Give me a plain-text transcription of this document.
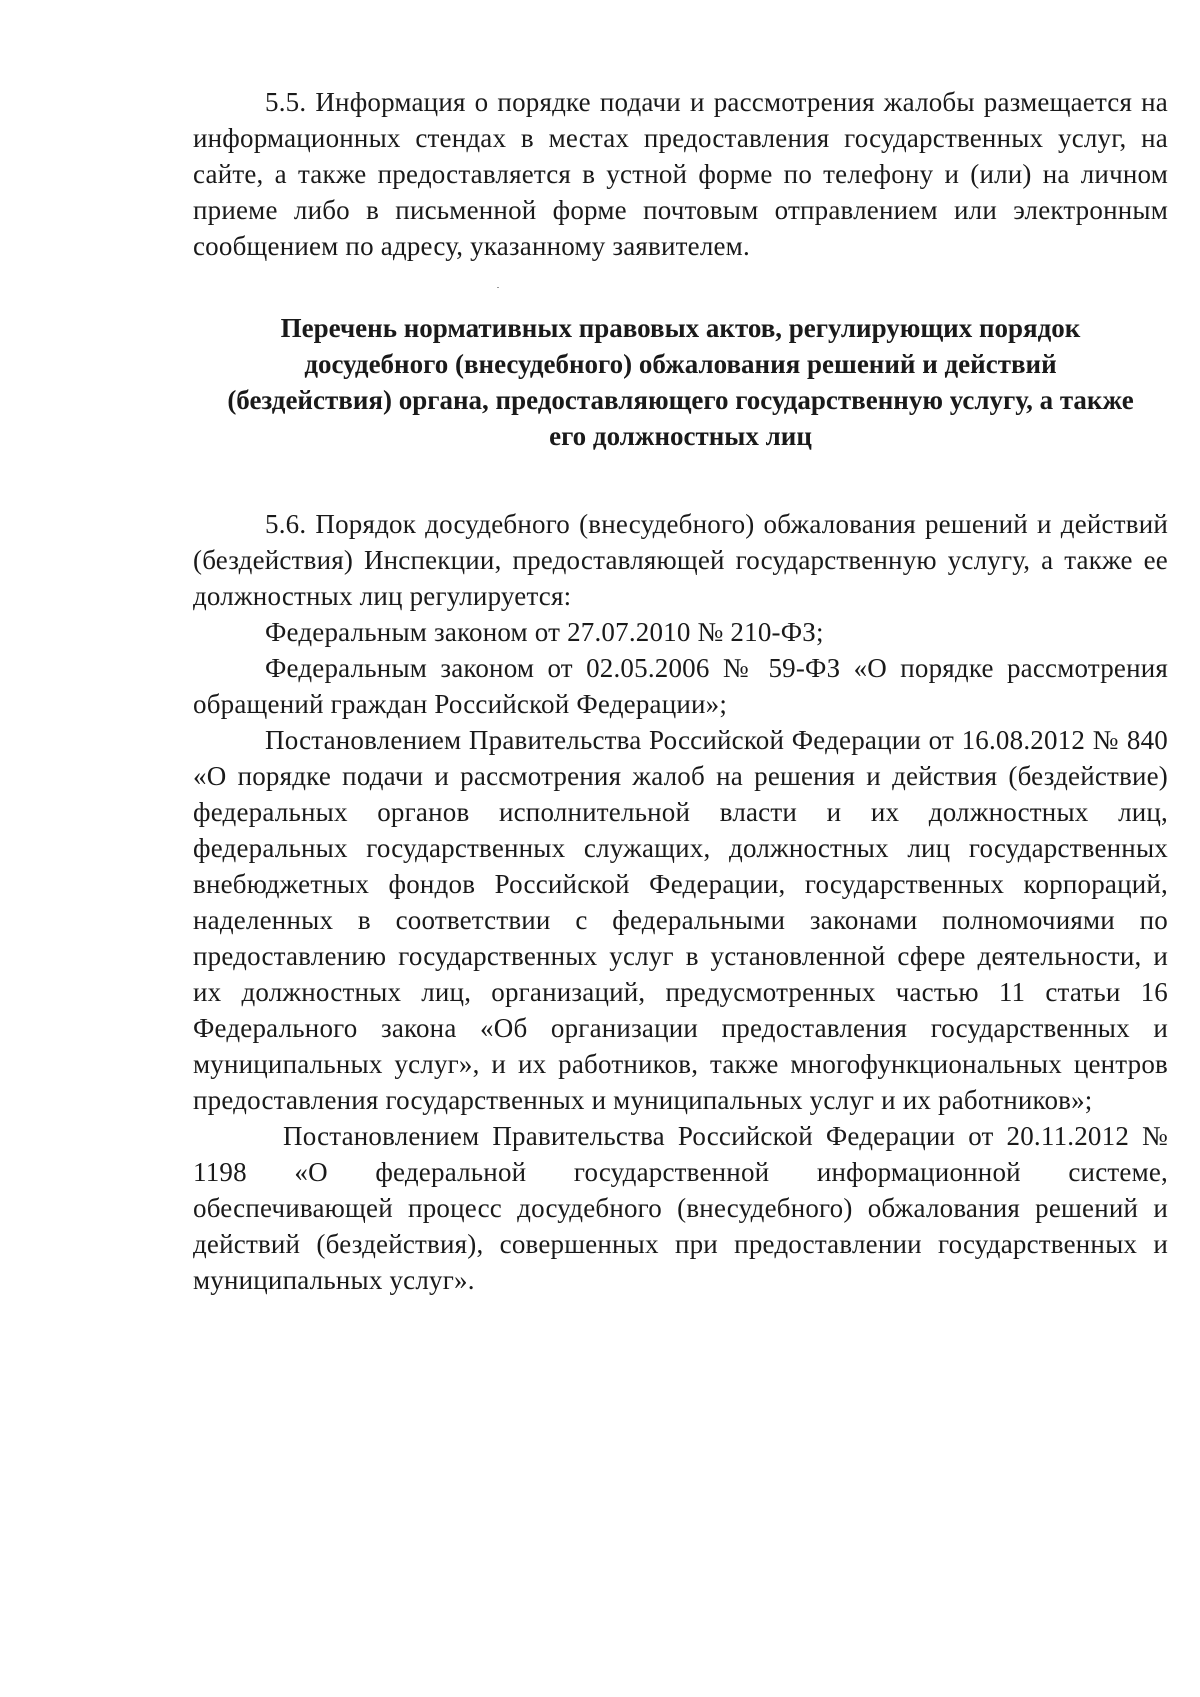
5.5. Информация о порядке подачи и рассмотрения жалобы размещается на информационных стендах в местах предоставления государственных услуг, на сайте, а также предоставляется в устной форме по телефону и (или) на личном приеме либо в письменной форме почтовым отправлением или электронным сообщением по адресу, указанному заявителем.

Перечень нормативных правовых актов, регулирующих порядок
досудебного (внесудебного) обжалования решений и действий
(бездействия) органа, предоставляющего государственную услугу, а также
его должностных лиц

5.6. Порядок досудебного (внесудебного) обжалования решений и действий (бездействия) Инспекции, предоставляющей государственную услугу, а также ее должностных лиц регулируется:

Федеральным законом от 27.07.2010 № 210-ФЗ;

Федеральным законом от 02.05.2006 № 59-ФЗ «О порядке рассмотрения обращений граждан Российской Федерации»;

Постановлением Правительства Российской Федерации от 16.08.2012 № 840 «О порядке подачи и рассмотрения жалоб на решения и действия (бездействие) федеральных органов исполнительной власти и их должностных лиц, федеральных государственных служащих, должностных лиц государственных внебюджетных фондов Российской Федерации, государственных корпораций, наделенных в соответствии с федеральными законами полномочиями по предоставлению государственных услуг в установленной сфере деятельности, и их должностных лиц, организаций, предусмотренных частью 11 статьи 16 Федерального закона «Об организации предоставления государственных и муниципальных услуг», и их работников, также многофункциональных центров предоставления государственных и муниципальных услуг и их работников»;

Постановлением Правительства Российской Федерации от 20.11.2012 № 1198 «О федеральной государственной информационной системе, обеспечивающей процесс досудебного (внесудебного) обжалования решений и действий (бездействия), совершенных при предоставлении государственных и муниципальных услуг».
